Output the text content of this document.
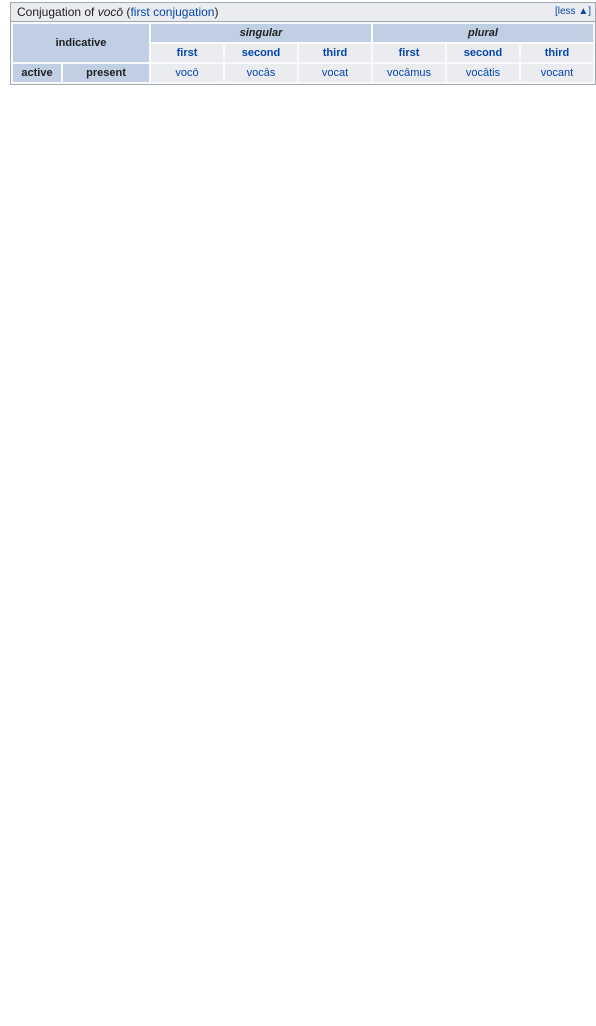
Conjugation of vocō (first conjugation)	[less ▲]
indicative		singular			plural		
		first	second	third	first	second	third
active	present	vocō	vocās	vocat	vocāmus	vocātis	vocant
